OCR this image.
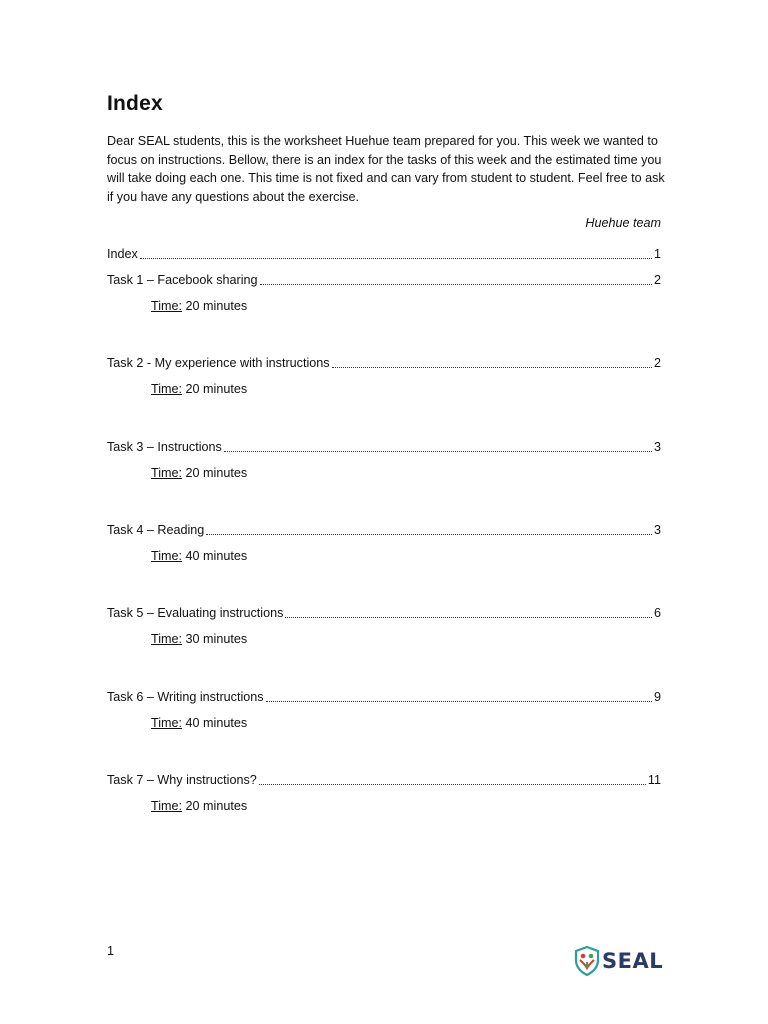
Index

Dear SEAL students, this is the worksheet Huehue team prepared for you. This week we wanted to focus on instructions. Bellow, there is an index for the tasks of this week and the estimated time you will take doing each one. This time is not fixed and can vary from student to student. Feel free to ask if you have any questions about the exercise.

Huehue team
Index	1
Task 1 – Facebook sharing	2
Time: 20 minutes
Task 2 - My experience with instructions	2
Time: 20 minutes
Task 3 – Instructions	3
Time: 20 minutes
Task 4 – Reading	3
Time: 40 minutes
Task 5 – Evaluating instructions	6
Time: 30 minutes
Task 6 – Writing instructions	9
Time: 40 minutes
Task 7 – Why instructions?	11
Time: 20 minutes
1	SEAL
